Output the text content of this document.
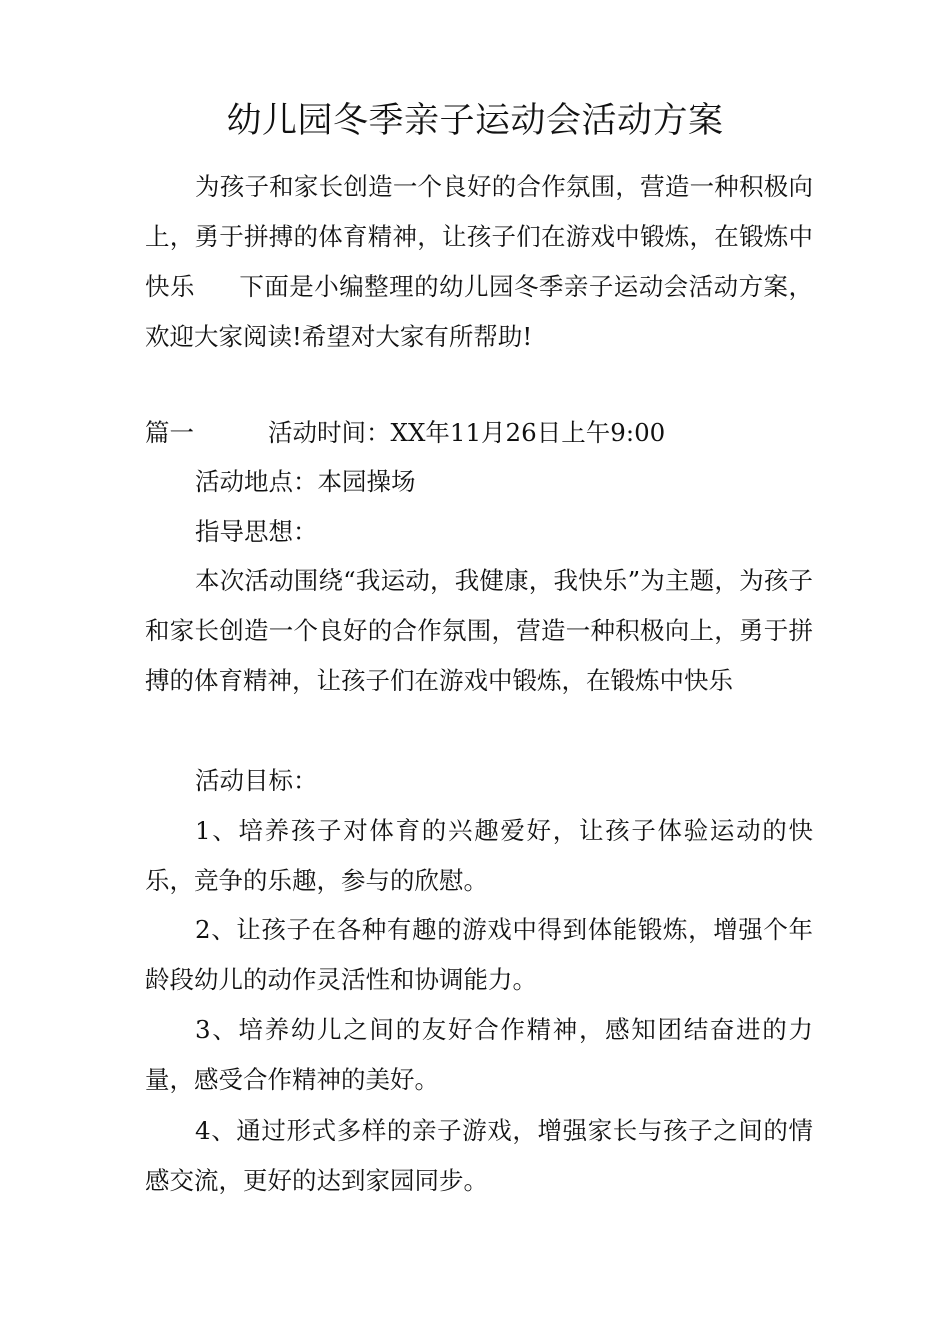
幼儿园冬季亲子运动会活动方案

为孩子和家长创造一个良好的合作氛围，营造一种积极向上，勇于拼搏的体育精神，让孩子们在游戏中锻炼，在锻炼中快乐 下面是小编整理的幼儿园冬季亲子运动会活动方案，欢迎大家阅读!希望对大家有所帮助!

篇一	活动时间：XX年11月26日上午9:00

活动地点：本园操场

指导思想：

本次活动围绕“我运动，我健康，我快乐”为主题，为孩子和家长创造一个良好的合作氛围，营造一种积极向上，勇于拼搏的体育精神，让孩子们在游戏中锻炼，在锻炼中快乐

活动目标：

1、培养孩子对体育的兴趣爱好，让孩子体验运动的快乐，竞争的乐趣，参与的欣慰。

2、让孩子在各种有趣的游戏中得到体能锻炼，增强个年龄段幼儿的动作灵活性和协调能力。

3、培养幼儿之间的友好合作精神，感知团结奋进的力量，感受合作精神的美好。

4、通过形式多样的亲子游戏，增强家长与孩子之间的情感交流，更好的达到家园同步。
